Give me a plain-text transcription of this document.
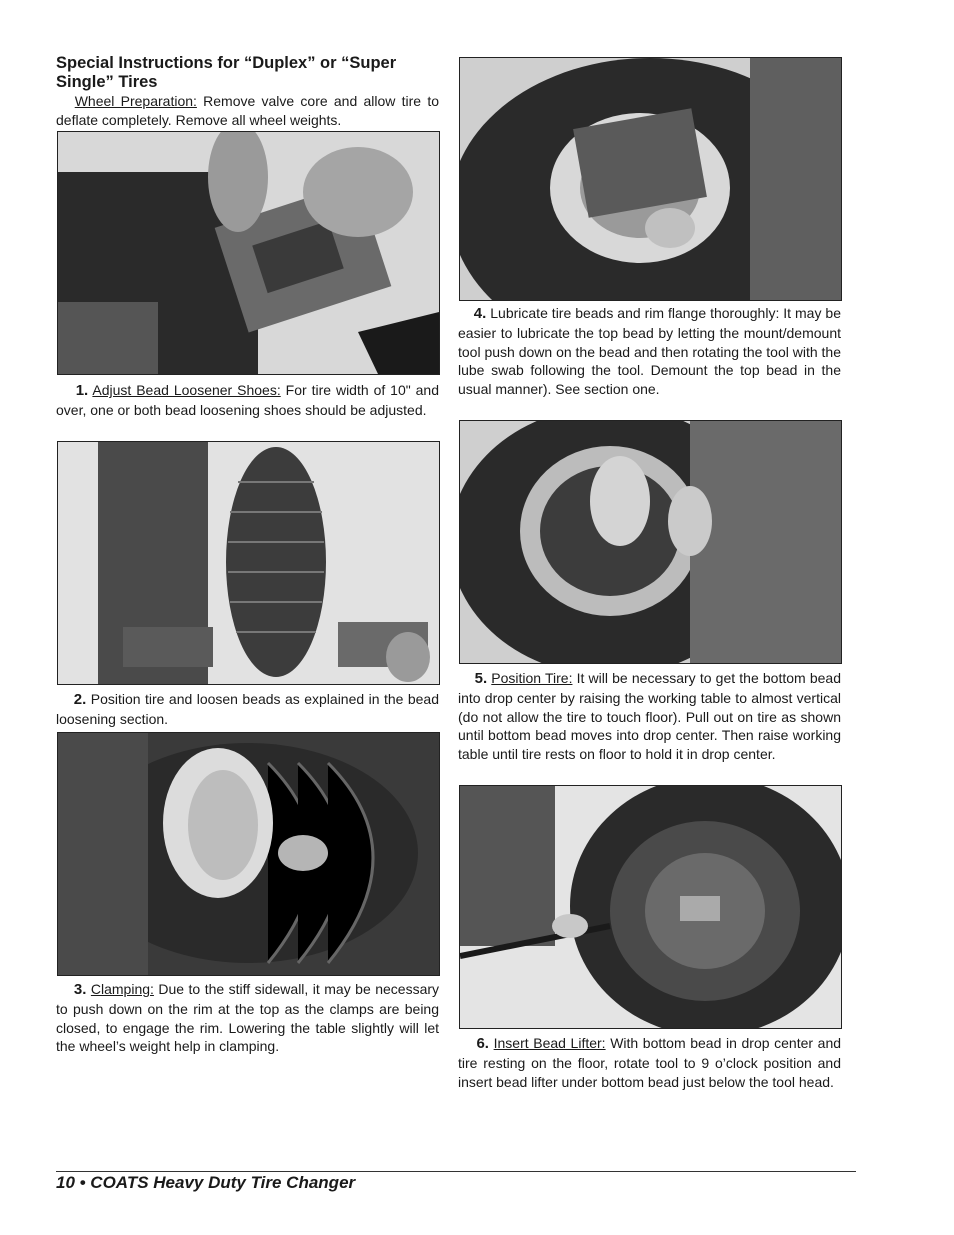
Special Instructions for “Duplex” or “Super Single” Tires

Wheel Preparation: Remove valve core and allow tire to deflate completely. Remove all wheel weights.

1. Adjust Bead Loosener Shoes: For tire width of 10" and over, one or both bead loosening shoes should be adjusted.

2. Position tire and loosen beads as explained in the bead loosening section.

3. Clamping: Due to the stiff sidewall, it may be necessary to push down on the rim at the top as the clamps are being closed, to engage the rim. Lowering the table slightly will let the wheel’s weight help in clamping.

4. Lubricate tire beads and rim flange thoroughly: It may be easier to lubricate the top bead by letting the mount/demount tool push down on the bead and then rotating the tool with the lube swab following the tool. Demount the top bead in the usual manner). See section one.

5. Position Tire: It will be necessary to get the bottom bead into drop center by raising the working table to almost vertical (do not allow the tire to touch floor). Pull out on tire as shown until bottom bead moves into drop center. Then raise working table until tire rests on floor to hold it in drop center.

6. Insert Bead Lifter: With bottom bead in drop center and tire resting on the floor, rotate tool to 9 o’clock position and insert bead lifter under bottom bead just below the tool head.

10 • COATS Heavy Duty Tire Changer
